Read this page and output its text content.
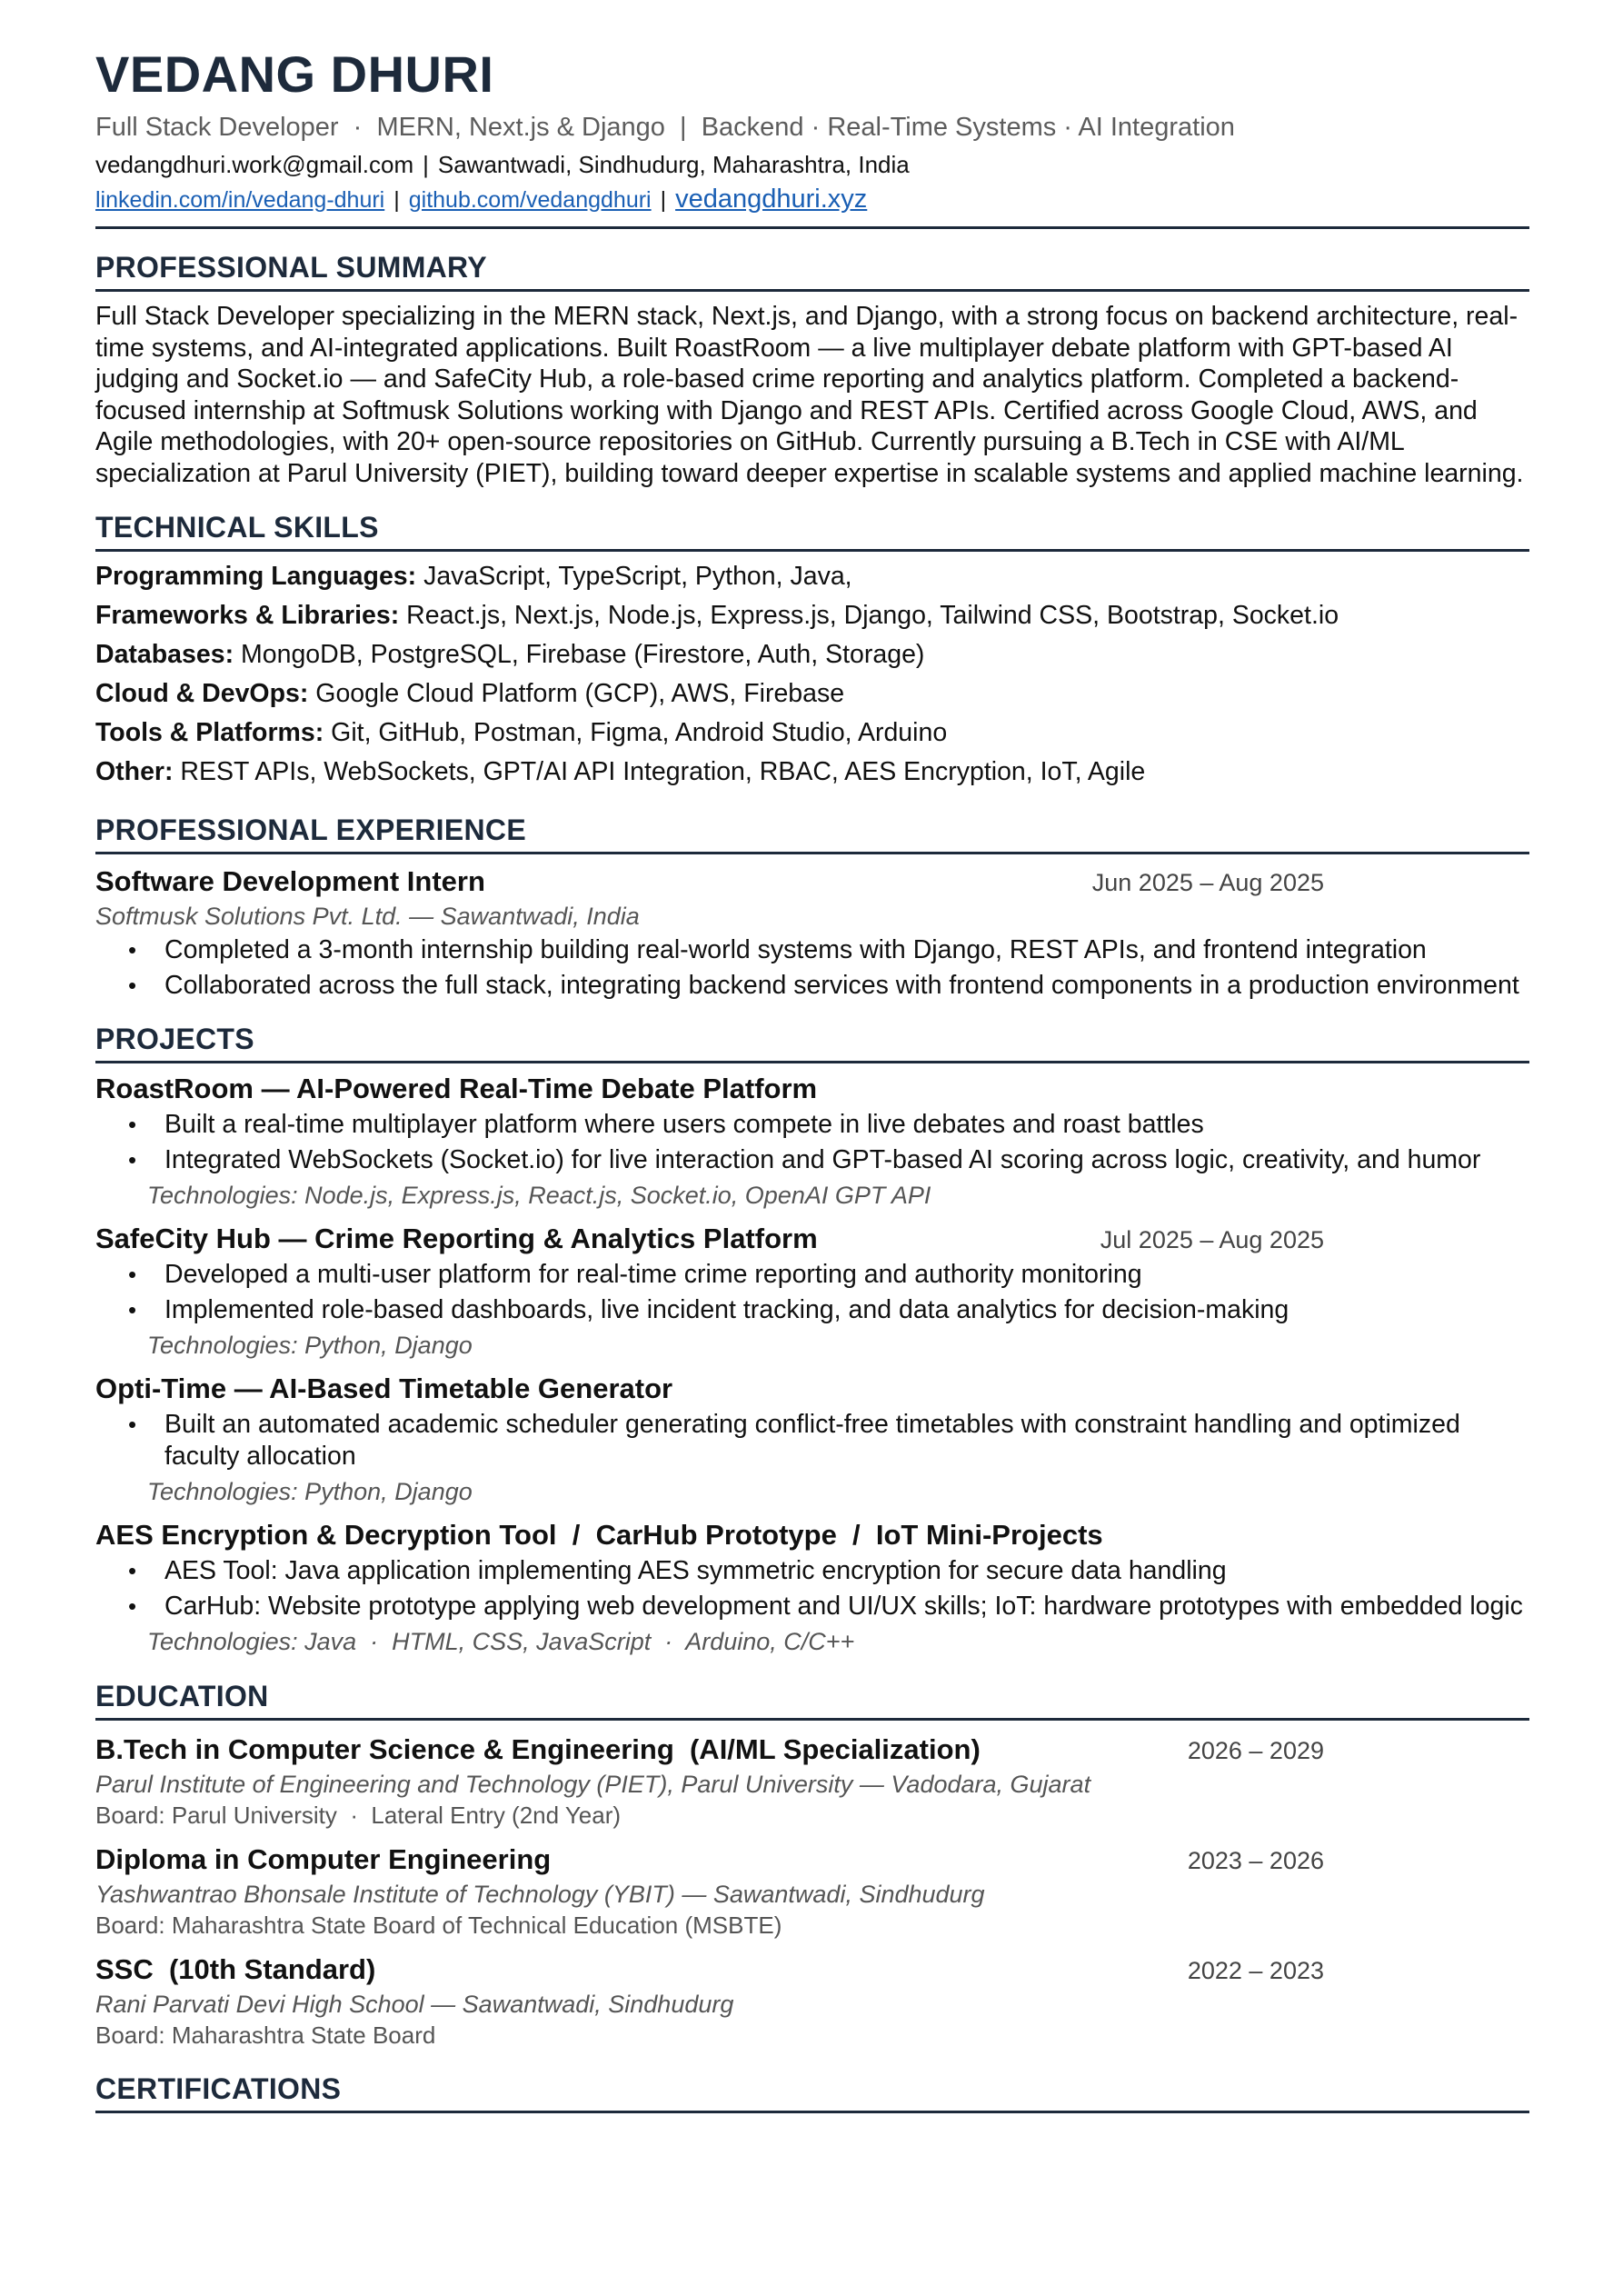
VEDANG DHURI
Full Stack Developer  ·  MERN, Next.js & Django  |  Backend · Real-Time Systems · AI Integration
vedangdhuri.work@gmail.com | Sawantwadi, Sindhudurg, Maharashtra, India
linkedin.com/in/vedang-dhuri | github.com/vedangdhuri | vedangdhuri.xyz
PROFESSIONAL SUMMARY
Full Stack Developer specializing in the MERN stack, Next.js, and Django, with a strong focus on backend architecture, real-time systems, and AI-integrated applications. Built RoastRoom — a live multiplayer debate platform with GPT-based AI judging and Socket.io — and SafeCity Hub, a role-based crime reporting and analytics platform. Completed a backend-focused internship at Softmusk Solutions working with Django and REST APIs. Certified across Google Cloud, AWS, and Agile methodologies, with 20+ open-source repositories on GitHub. Currently pursuing a B.Tech in CSE with AI/ML specialization at Parul University (PIET), building toward deeper expertise in scalable systems and applied machine learning.
TECHNICAL SKILLS
Programming Languages: JavaScript, TypeScript, Python, Java,
Frameworks & Libraries: React.js, Next.js, Node.js, Express.js, Django, Tailwind CSS, Bootstrap, Socket.io
Databases: MongoDB, PostgreSQL, Firebase (Firestore, Auth, Storage)
Cloud & DevOps: Google Cloud Platform (GCP), AWS, Firebase
Tools & Platforms: Git, GitHub, Postman, Figma, Android Studio, Arduino
Other: REST APIs, WebSockets, GPT/AI API Integration, RBAC, AES Encryption, IoT, Agile
PROFESSIONAL EXPERIENCE
Software Development Intern	Jun 2025 – Aug 2025
Softmusk Solutions Pvt. Ltd. — Sawantwadi, India
• Completed a 3-month internship building real-world systems with Django, REST APIs, and frontend integration
• Collaborated across the full stack, integrating backend services with frontend components in a production environment
PROJECTS
RoastRoom — AI-Powered Real-Time Debate Platform
• Built a real-time multiplayer platform where users compete in live debates and roast battles
• Integrated WebSockets (Socket.io) for live interaction and GPT-based AI scoring across logic, creativity, and humor
Technologies: Node.js, Express.js, React.js, Socket.io, OpenAI GPT API
SafeCity Hub — Crime Reporting & Analytics Platform	Jul 2025 – Aug 2025
• Developed a multi-user platform for real-time crime reporting and authority monitoring
• Implemented role-based dashboards, live incident tracking, and data analytics for decision-making
Technologies: Python, Django
Opti-Time — AI-Based Timetable Generator
• Built an automated academic scheduler generating conflict-free timetables with constraint handling and optimized faculty allocation
Technologies: Python, Django
AES Encryption & Decryption Tool  /  CarHub Prototype  /  IoT Mini-Projects
• AES Tool: Java application implementing AES symmetric encryption for secure data handling
• CarHub: Website prototype applying web development and UI/UX skills; IoT: hardware prototypes with embedded logic
Technologies: Java  ·  HTML, CSS, JavaScript  ·  Arduino, C/C++
EDUCATION
B.Tech in Computer Science & Engineering  (AI/ML Specialization)	2026 – 2029
Parul Institute of Engineering and Technology (PIET), Parul University — Vadodara, Gujarat
Board: Parul University  ·  Lateral Entry (2nd Year)
Diploma in Computer Engineering	2023 – 2026
Yashwantrao Bhonsale Institute of Technology (YBIT) — Sawantwadi, Sindhudurg
Board: Maharashtra State Board of Technical Education (MSBTE)
SSC  (10th Standard)	2022 – 2023
Rani Parvati Devi High School — Sawantwadi, Sindhudurg
Board: Maharashtra State Board
CERTIFICATIONS
